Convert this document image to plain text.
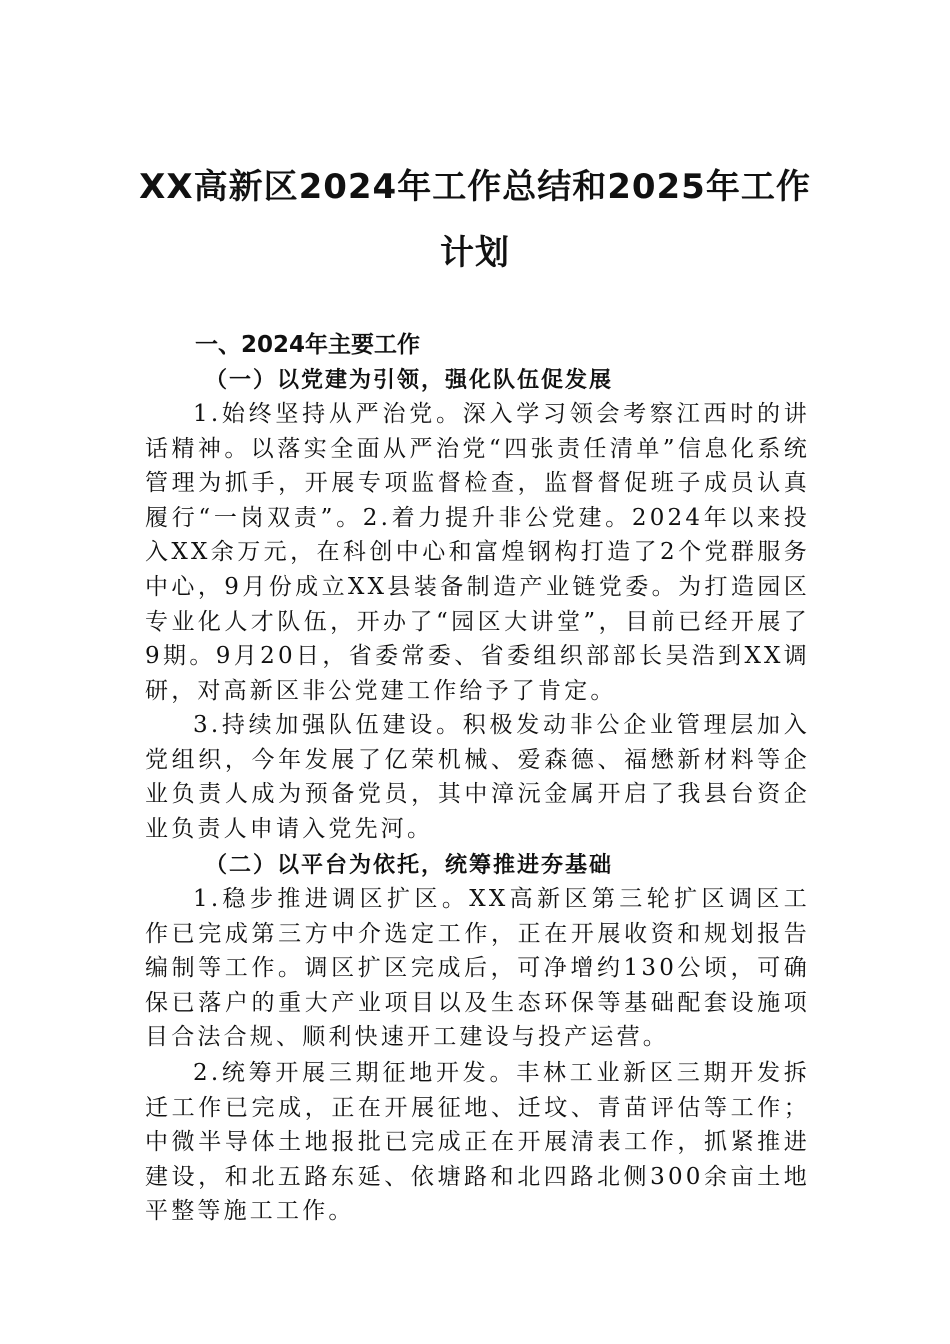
XX高新区2024年工作总结和2025年工作
计划
一、2024年主要工作
（一）以党建为引领，强化队伍促发展

1.始终坚持从严治党。深入学习领会考察江西时的讲话精神。以落实全面从严治党“四张责任清单”信息化系统管理为抓手，开展专项监督检查，监督督促班子成员认真履行“一岗双责”。2.着力提升非公党建。2024年以来投入XX余万元，在科创中心和富煌钢构打造了2个党群服务中心，9月份成立XX县装备制造产业链党委。为打造园区专业化人才队伍，开办了“园区大讲堂”，目前已经开展了9期。9月20日，省委常委、省委组织部部长吴浩到XX调研，对高新区非公党建工作给予了肯定。

3.持续加强队伍建设。积极发动非公企业管理层加入党组织，今年发展了亿荣机械、爱森德、福懋新材料等企业负责人成为预备党员，其中漳沅金属开启了我县台资企业负责人申请入党先河。

（二）以平台为依托，统筹推进夯基础

1.稳步推进调区扩区。XX高新区第三轮扩区调区工作已完成第三方中介选定工作，正在开展收资和规划报告编制等工作。调区扩区完成后，可净增约130公顷，可确保已落户的重大产业项目以及生态环保等基础配套设施项目合法合规、顺利快速开工建设与投产运营。

2.统筹开展三期征地开发。丰林工业新区三期开发拆迁工作已完成，正在开展征地、迁坟、青苗评估等工作；中微半导体土地报批已完成正在开展清表工作，抓紧推进建设，和北五路东延、依塘路和北四路北侧300余亩土地平整等施工工作。
